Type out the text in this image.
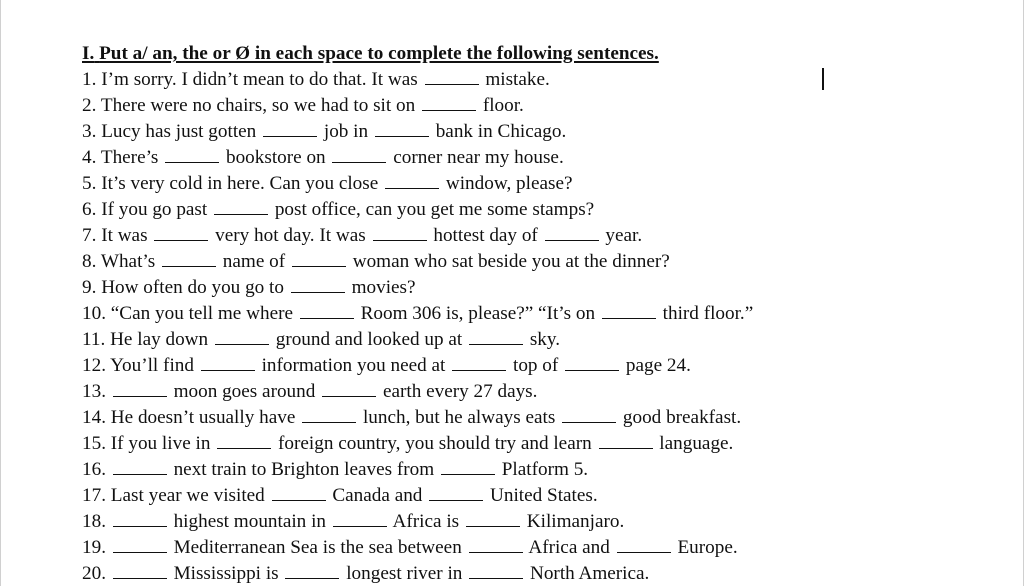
I. Put a/ an, the or Ø in each space to complete the following sentences.
1. I’m sorry. I didn’t mean to do that. It was	mistake.
2. There were no chairs, so we had to sit on	floor.
3. Lucy has just gotten	job in	bank in Chicago.
4. There’s	bookstore on	corner near my house.
5. It’s very cold in here. Can you close	window, please?
6. If you go past	post office, can you get me some stamps?
7. It was	very hot day. It was	hottest day of	year.
8. What’s	name of	woman who sat beside you at the dinner?
9. How often do you go to	movies?
10. “Can you tell me where	Room 306 is, please?” “It’s on	third floor.”
11. He lay down	ground and looked up at	sky.
12. You’ll find	information you need at	top of	page 24.
13.	moon goes around	earth every 27 days.
14. He doesn’t usually have	lunch, but he always eats	good breakfast.
15. If you live in	foreign country, you should try and learn	language.
16.	next train to Brighton leaves from	Platform 5.
17. Last year we visited	Canada and	United States.
18.	highest mountain in	Africa is	Kilimanjaro.
19.	Mediterranean Sea is the sea between	Africa and	Europe.
20.	Mississippi is	longest river in	North America.
